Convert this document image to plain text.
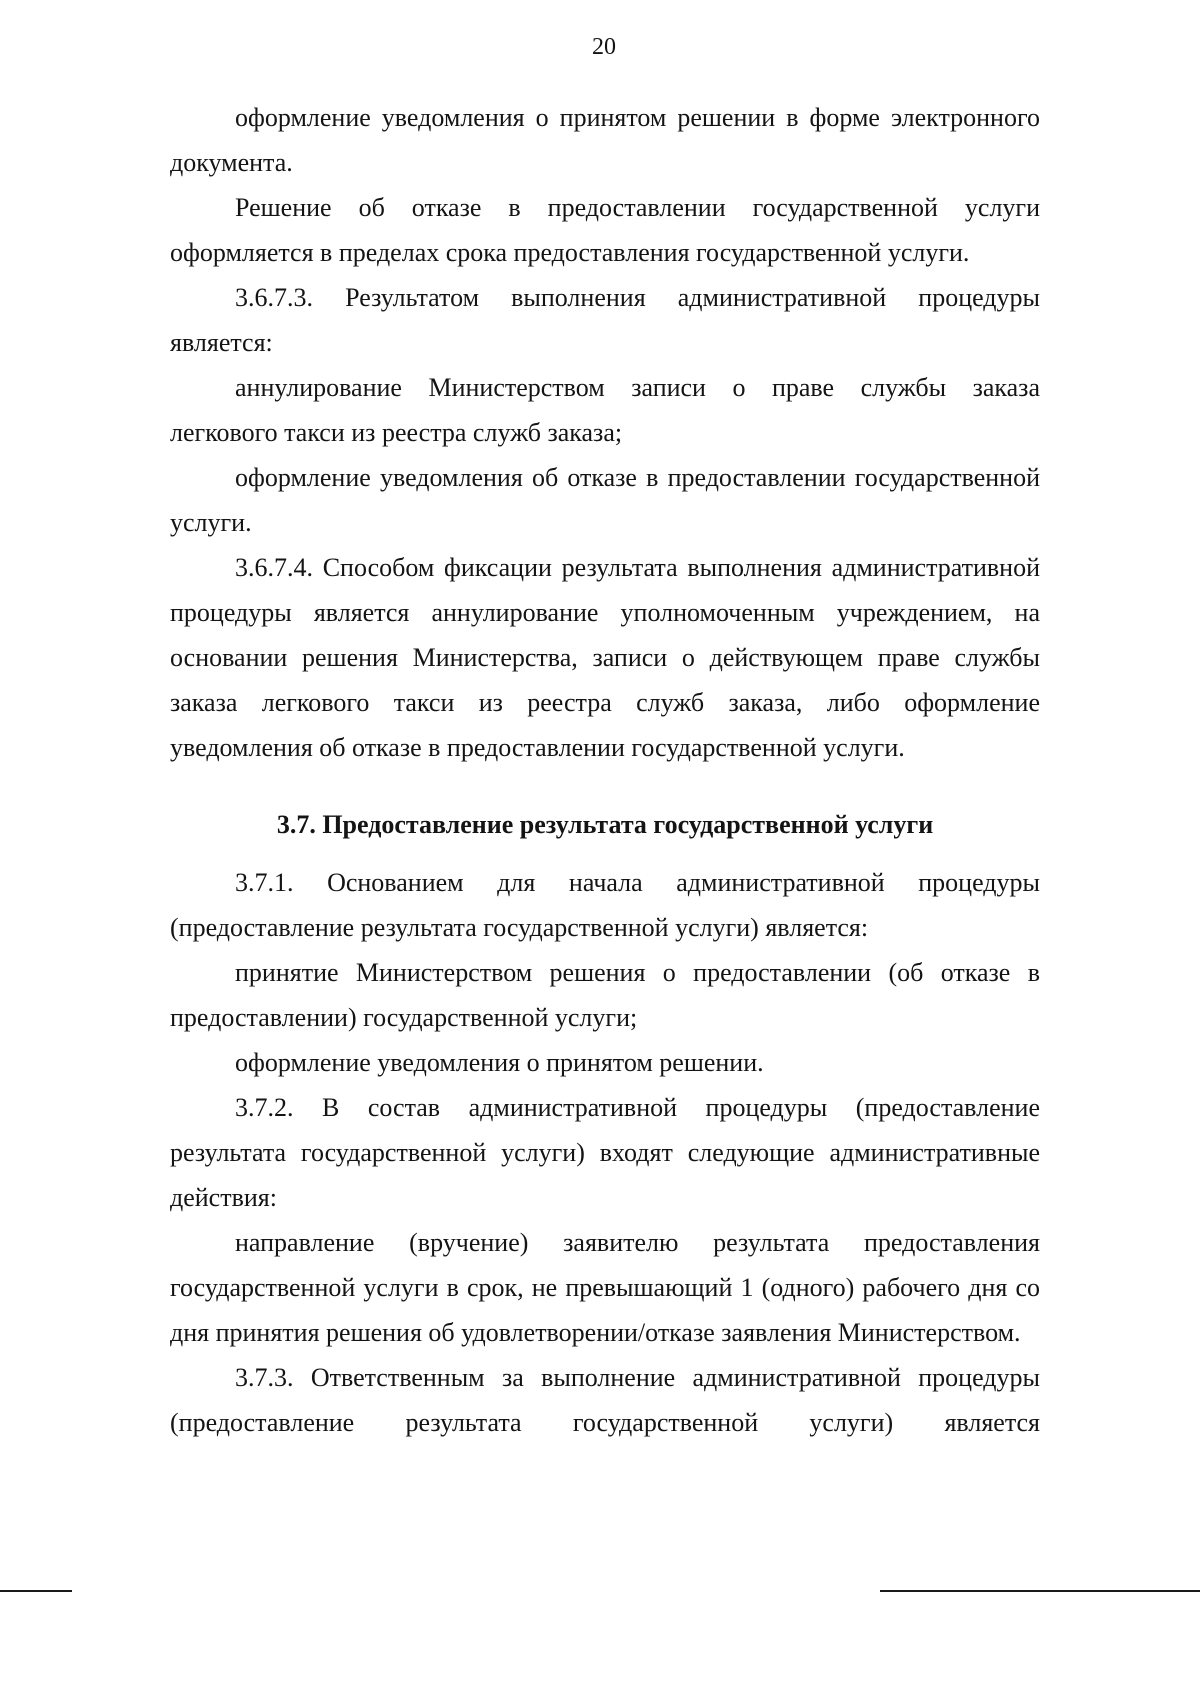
20
оформление уведомления о принятом решении в форме электронного
документа.
Решение об отказе в предоставлении государственной услуги
оформляется в пределах срока предоставления государственной услуги.
3.6.7.3. Результатом выполнения административной процедуры
является:
аннулирование Министерством записи о праве службы заказа
легкового такси из реестра служб заказа;
оформление уведомления об отказе в предоставлении государственной
услуги.
3.6.7.4. Способом фиксации результата выполнения административной
процедуры является аннулирование уполномоченным учреждением, на
основании решения Министерства, записи о действующем праве службы
заказа легкового такси из реестра служб заказа, либо оформление
уведомления об отказе в предоставлении государственной услуги.
3.7. Предоставление результата государственной услуги
3.7.1. Основанием для начала административной процедуры
(предоставление результата государственной услуги) является:
принятие Министерством решения о предоставлении (об отказе в
предоставлении) государственной услуги;
оформление уведомления о принятом решении.
3.7.2. В состав административной процедуры (предоставление
результата государственной услуги) входят следующие административные
действия:
направление (вручение) заявителю результата предоставления
государственной услуги в срок, не превышающий 1 (одного) рабочего дня со
дня принятия решения об удовлетворении/отказе заявления Министерством.
3.7.3. Ответственным за выполнение административной процедуры
(предоставление результата государственной услуги) является
